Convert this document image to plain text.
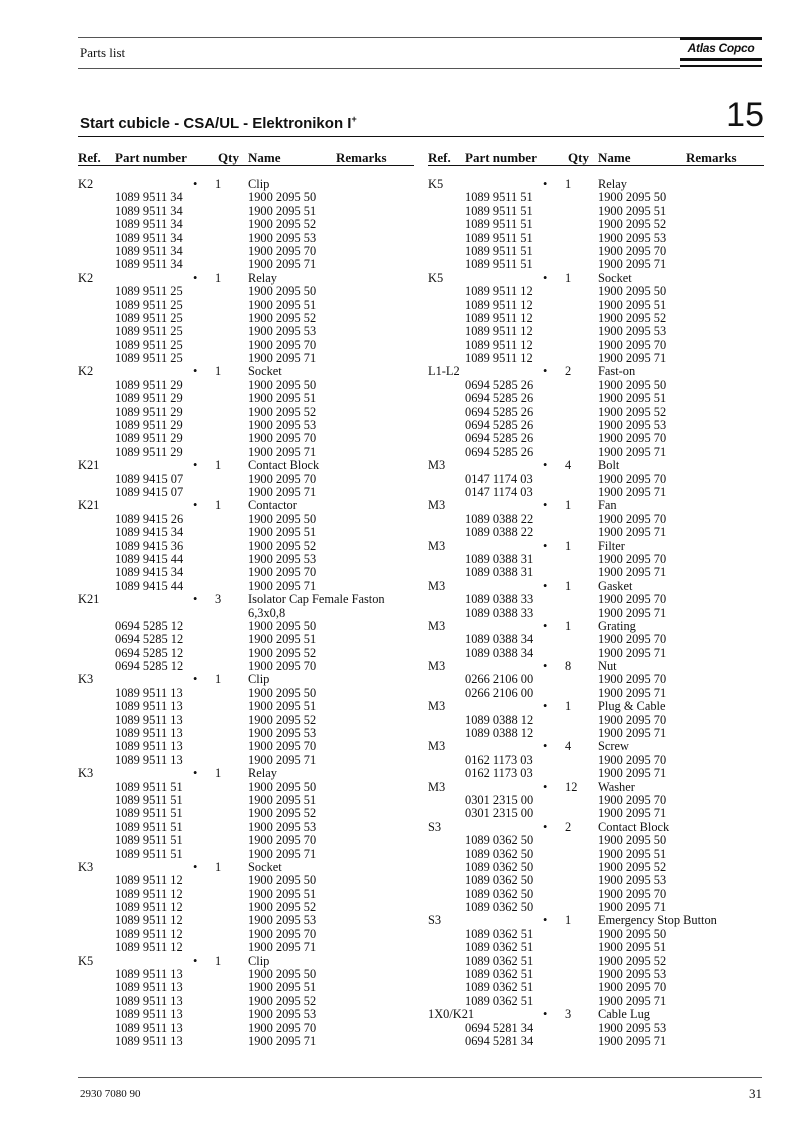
Parts list	Atlas Copco
Start cubicle - CSA/UL - Elektronikon I+	15
Ref. Part number Qty Name	Remarks
K2	• 1 Clip
1089 9511 34	1900 2095 50
1089 9511 34	1900 2095 51
1089 9511 34	1900 2095 52
1089 9511 34	1900 2095 53
1089 9511 34	1900 2095 70
1089 9511 34	1900 2095 71
K2	• 1 Relay
1089 9511 25	1900 2095 50
1089 9511 25	1900 2095 51
1089 9511 25	1900 2095 52
1089 9511 25	1900 2095 53
1089 9511 25	1900 2095 70
1089 9511 25	1900 2095 71
K2	• 1 Socket
1089 9511 29	1900 2095 50
1089 9511 29	1900 2095 51
1089 9511 29	1900 2095 52
1089 9511 29	1900 2095 53
1089 9511 29	1900 2095 70
1089 9511 29	1900 2095 71
K21	• 1 Contact Block
1089 9415 07	1900 2095 70
1089 9415 07	1900 2095 71
K21	• 1 Contactor
1089 9415 26	1900 2095 50
1089 9415 34	1900 2095 51
1089 9415 36	1900 2095 52
1089 9415 44	1900 2095 53
1089 9415 34	1900 2095 70
1089 9415 44	1900 2095 71
K21	• 3 Isolator Cap Female Faston
6,3x0,8
0694 5285 12	1900 2095 50
0694 5285 12	1900 2095 51
0694 5285 12	1900 2095 52
0694 5285 12	1900 2095 70
K3	• 1 Clip
1089 9511 13	1900 2095 50
1089 9511 13	1900 2095 51
1089 9511 13	1900 2095 52
1089 9511 13	1900 2095 53
1089 9511 13	1900 2095 70
1089 9511 13	1900 2095 71
K3	• 1 Relay
1089 9511 51	1900 2095 50
1089 9511 51	1900 2095 51
1089 9511 51	1900 2095 52
1089 9511 51	1900 2095 53
1089 9511 51	1900 2095 70
1089 9511 51	1900 2095 71
K3	• 1 Socket
1089 9511 12	1900 2095 50
1089 9511 12	1900 2095 51
1089 9511 12	1900 2095 52
1089 9511 12	1900 2095 53
1089 9511 12	1900 2095 70
1089 9511 12	1900 2095 71
K5	• 1 Clip
1089 9511 13	1900 2095 50
1089 9511 13	1900 2095 51
1089 9511 13	1900 2095 52
1089 9511 13	1900 2095 53
1089 9511 13	1900 2095 70
1089 9511 13	1900 2095 71
Ref. Part number Qty Name	Remarks
K5	• 1 Relay
1089 9511 51	1900 2095 50
1089 9511 51	1900 2095 51
1089 9511 51	1900 2095 52
1089 9511 51	1900 2095 53
1089 9511 51	1900 2095 70
1089 9511 51	1900 2095 71
K5	• 1 Socket
1089 9511 12	1900 2095 50
1089 9511 12	1900 2095 51
1089 9511 12	1900 2095 52
1089 9511 12	1900 2095 53
1089 9511 12	1900 2095 70
1089 9511 12	1900 2095 71
L1-L2	• 2 Fast-on
0694 5285 26	1900 2095 50
0694 5285 26	1900 2095 51
0694 5285 26	1900 2095 52
0694 5285 26	1900 2095 53
0694 5285 26	1900 2095 70
0694 5285 26	1900 2095 71
M3	• 4 Bolt
0147 1174 03	1900 2095 70
0147 1174 03	1900 2095 71
M3	• 1 Fan
1089 0388 22	1900 2095 70
1089 0388 22	1900 2095 71
M3	• 1 Filter
1089 0388 31	1900 2095 70
1089 0388 31	1900 2095 71
M3	• 1 Gasket
1089 0388 33	1900 2095 70
1089 0388 33	1900 2095 71
M3	• 1 Grating
1089 0388 34	1900 2095 70
1089 0388 34	1900 2095 71
M3	• 8 Nut
0266 2106 00	1900 2095 70
0266 2106 00	1900 2095 71
M3	• 1 Plug & Cable
1089 0388 12	1900 2095 70
1089 0388 12	1900 2095 71
M3	• 4 Screw
0162 1173 03	1900 2095 70
0162 1173 03	1900 2095 71
M3	• 12 Washer
0301 2315 00	1900 2095 70
0301 2315 00	1900 2095 71
S3	• 2 Contact Block
1089 0362 50	1900 2095 50
1089 0362 50	1900 2095 51
1089 0362 50	1900 2095 52
1089 0362 50	1900 2095 53
1089 0362 50	1900 2095 70
1089 0362 50	1900 2095 71
S3	• 1 Emergency Stop Button
1089 0362 51	1900 2095 50
1089 0362 51	1900 2095 51
1089 0362 51	1900 2095 52
1089 0362 51	1900 2095 53
1089 0362 51	1900 2095 70
1089 0362 51	1900 2095 71
1X0/K21	• 3 Cable Lug
0694 5281 34	1900 2095 53
0694 5281 34	1900 2095 71
2930 7080 90	31
